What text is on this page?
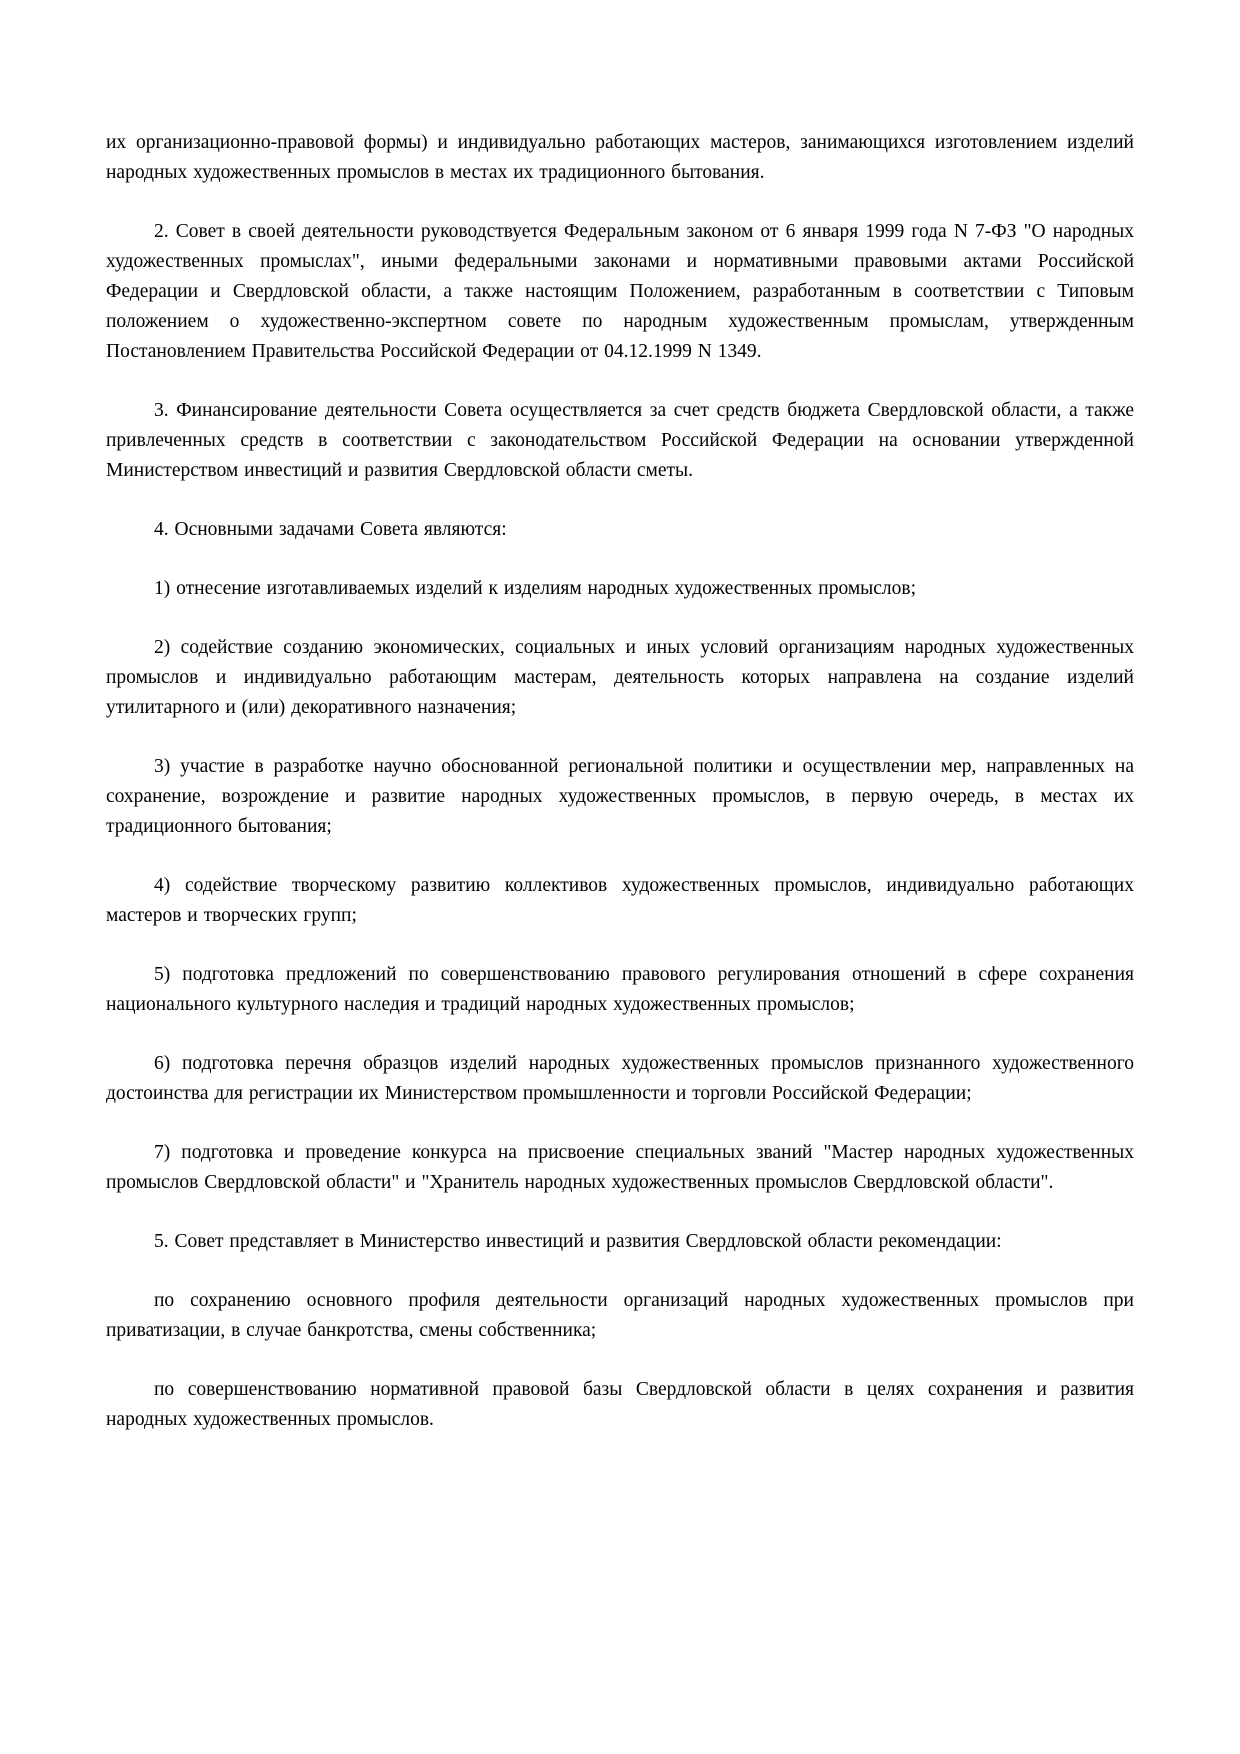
их организационно-правовой формы) и индивидуально работающих мастеров, занимающихся изготовлением изделий народных художественных промыслов в местах их традиционного бытования.

2. Совет в своей деятельности руководствуется Федеральным законом от 6 января 1999 года N 7-ФЗ "О народных художественных промыслах", иными федеральными законами и нормативными правовыми актами Российской Федерации и Свердловской области, а также настоящим Положением, разработанным в соответствии с Типовым положением о художественно-экспертном совете по народным художественным промыслам, утвержденным Постановлением Правительства Российской Федерации от 04.12.1999 N 1349.

3. Финансирование деятельности Совета осуществляется за счет средств бюджета Свердловской области, а также привлеченных средств в соответствии с законодательством Российской Федерации на основании утвержденной Министерством инвестиций и развития Свердловской области сметы.

4. Основными задачами Совета являются:

1) отнесение изготавливаемых изделий к изделиям народных художественных промыслов;

2) содействие созданию экономических, социальных и иных условий организациям народных художественных промыслов и индивидуально работающим мастерам, деятельность которых направлена на создание изделий утилитарного и (или) декоративного назначения;

3) участие в разработке научно обоснованной региональной политики и осуществлении мер, направленных на сохранение, возрождение и развитие народных художественных промыслов, в первую очередь, в местах их традиционного бытования;

4) содействие творческому развитию коллективов художественных промыслов, индивидуально работающих мастеров и творческих групп;

5) подготовка предложений по совершенствованию правового регулирования отношений в сфере сохранения национального культурного наследия и традиций народных художественных промыслов;

6) подготовка перечня образцов изделий народных художественных промыслов признанного художественного достоинства для регистрации их Министерством промышленности и торговли Российской Федерации;

7) подготовка и проведение конкурса на присвоение специальных званий "Мастер народных художественных промыслов Свердловской области" и "Хранитель народных художественных промыслов Свердловской области".

5. Совет представляет в Министерство инвестиций и развития Свердловской области рекомендации:

по сохранению основного профиля деятельности организаций народных художественных промыслов при приватизации, в случае банкротства, смены собственника;

по совершенствованию нормативной правовой базы Свердловской области в целях сохранения и развития народных художественных промыслов.
